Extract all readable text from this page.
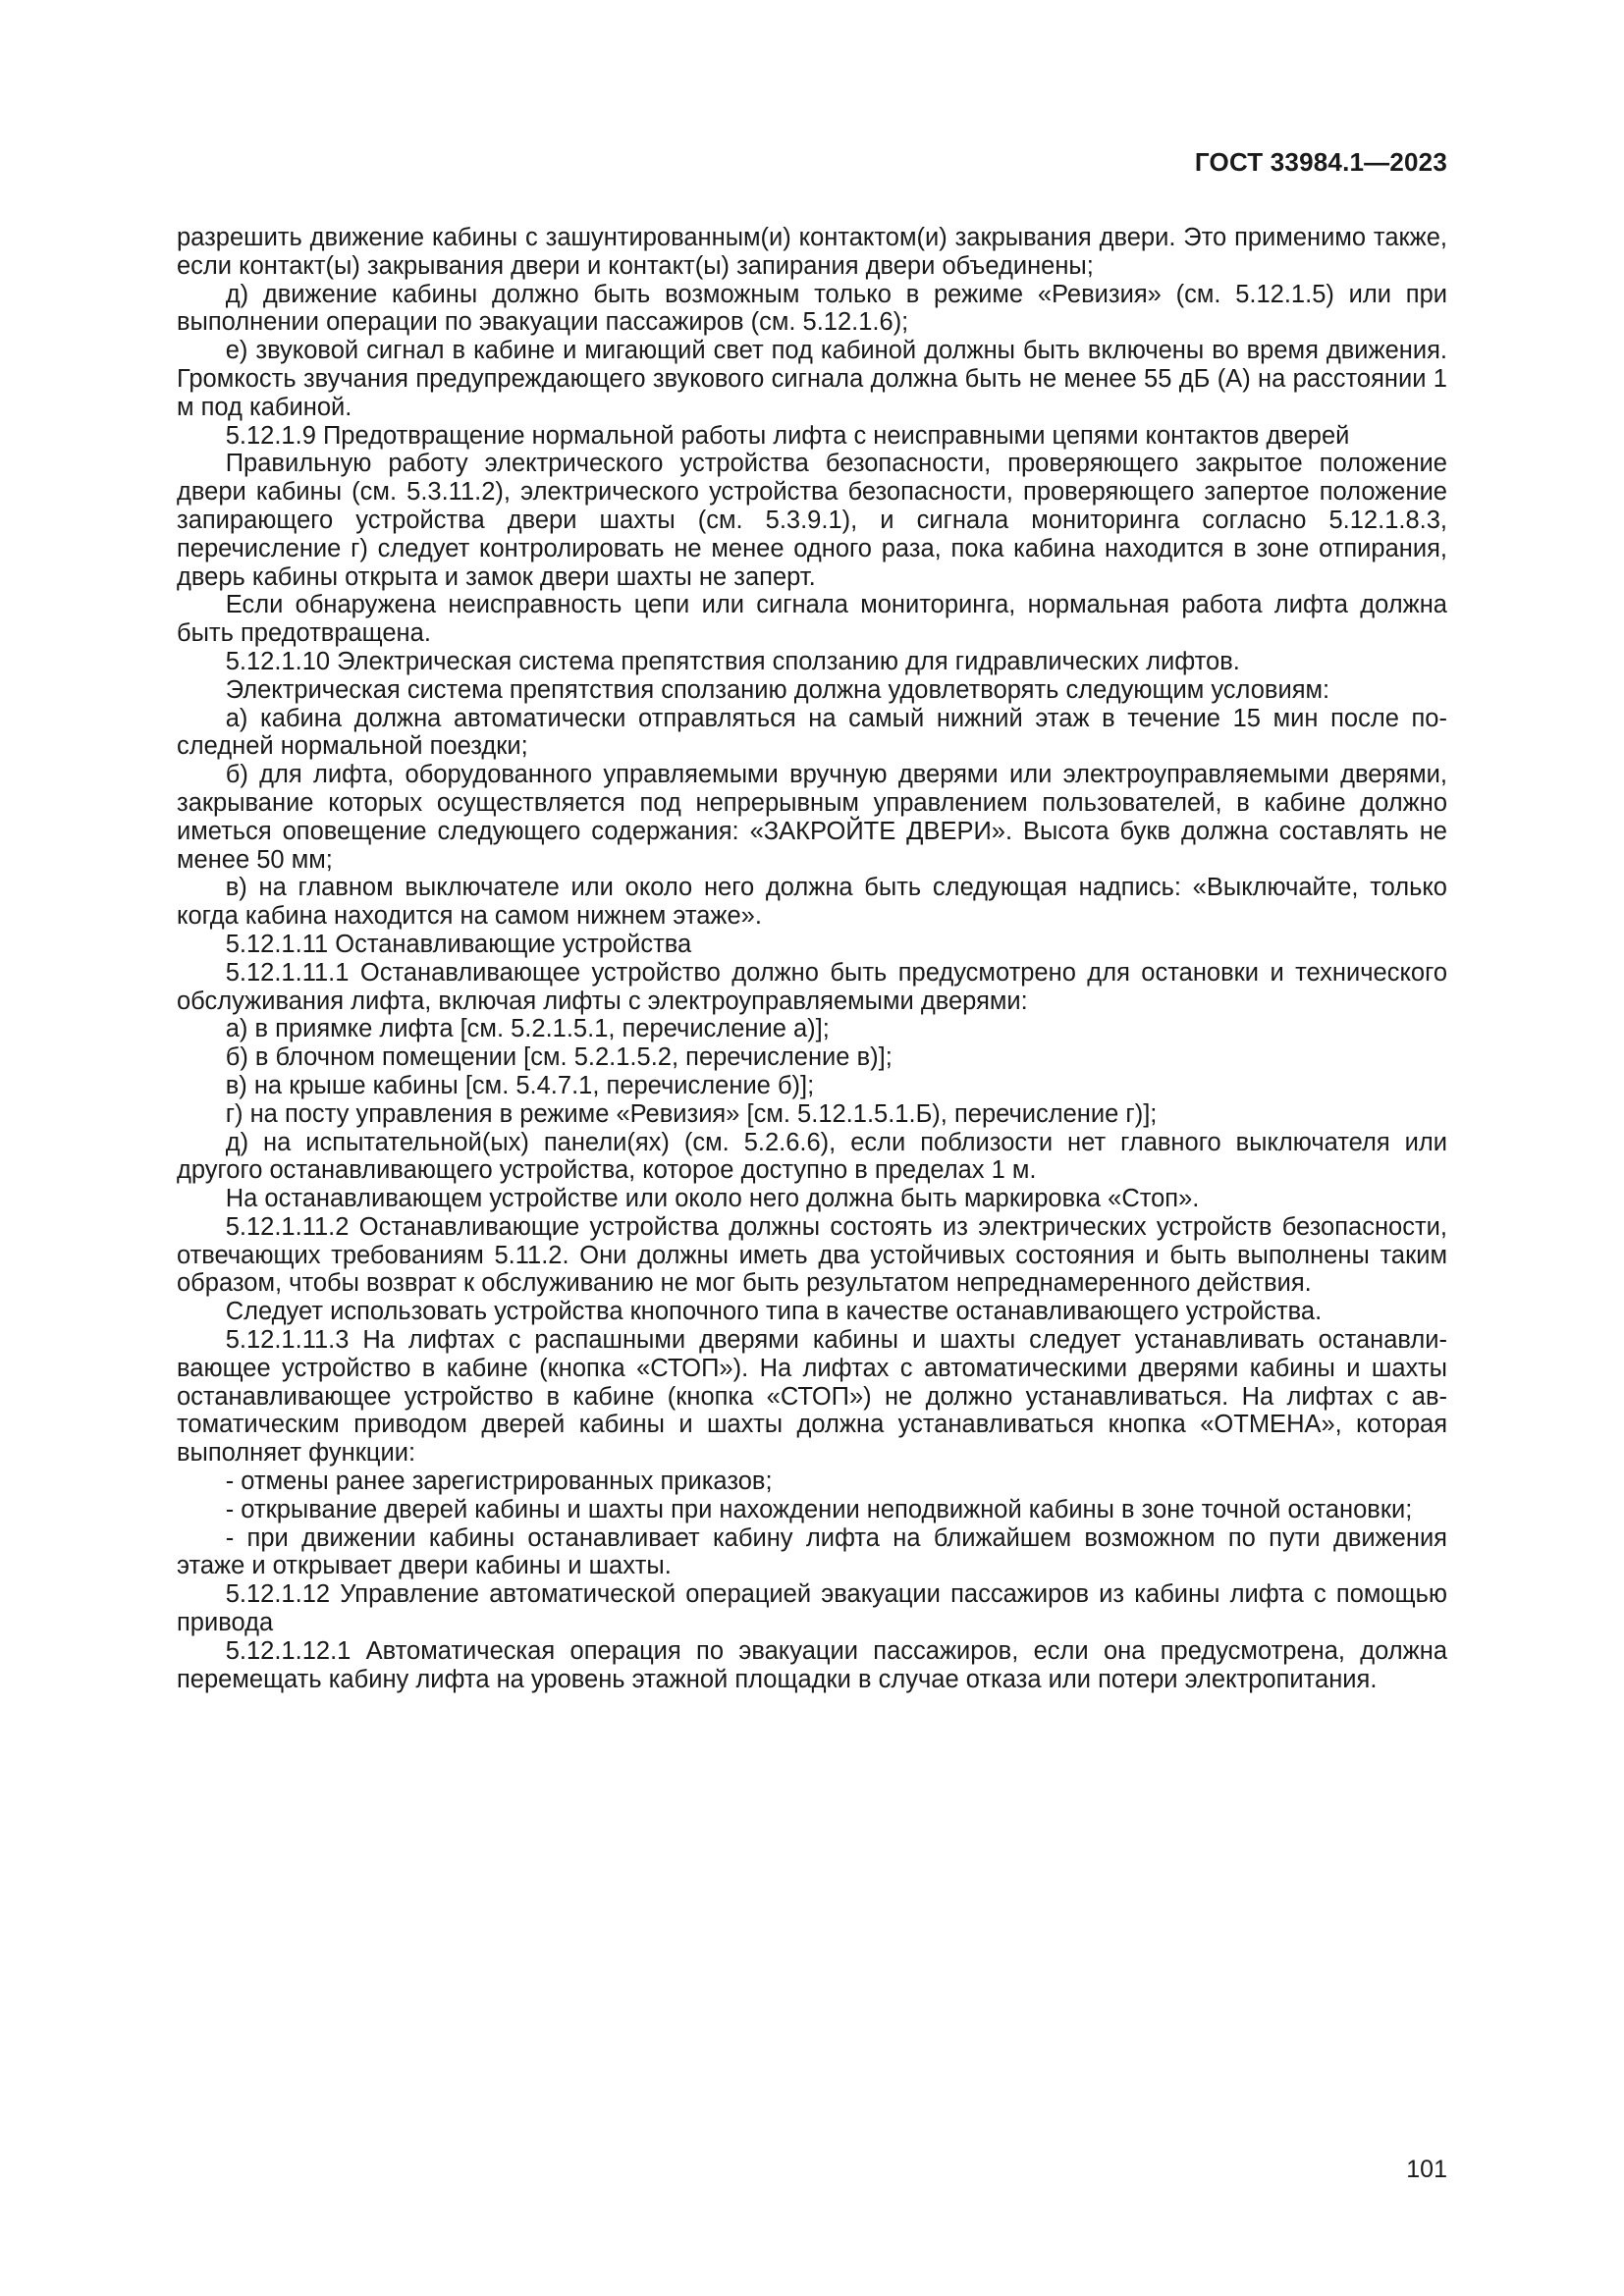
ГОСТ 33984.1—2023

разрешить движение кабины с зашунтированным(и) контактом(и) закрывания двери. Это применимо также, если контакт(ы) закрывания двери и контакт(ы) запирания двери объединены;

д) движение кабины должно быть возможным только в режиме «Ревизия» (см. 5.12.1.5) или при выполнении операции по эвакуации пассажиров (см. 5.12.1.6);

е) звуковой сигнал в кабине и мигающий свет под кабиной должны быть включены во время движения. Громкость звучания предупреждающего звукового сигнала должна быть не менее 55 дБ (А) на расстоянии 1 м под кабиной.

5.12.1.9 Предотвращение нормальной работы лифта с неисправными цепями контактов дверей

Правильную работу электрического устройства безопасности, проверяющего закрытое положение двери кабины (см. 5.3.11.2), электрического устройства безопасности, проверяющего запертое положение запирающего устройства двери шахты (см. 5.3.9.1), и сигнала мониторинга согласно 5.12.1.8.3, перечисление г) следует контролировать не менее одного раза, пока кабина находится в зоне отпирания, дверь кабины открыта и замок двери шахты не заперт.

Если обнаружена неисправность цепи или сигнала мониторинга, нормальная работа лифта должна быть предотвращена.

5.12.1.10 Электрическая система препятствия сползанию для гидравлических лифтов.

Электрическая система препятствия сползанию должна удовлетворять следующим условиям:

а) кабина должна автоматически отправляться на самый нижний этаж в течение 15 мин после последней нормальной поездки;

б) для лифта, оборудованного управляемыми вручную дверями или электроуправляемыми дверями, закрывание которых осуществляется под непрерывным управлением пользователей, в кабине должно иметься оповещение следующего содержания: «ЗАКРОЙТЕ ДВЕРИ». Высота букв должна составлять не менее 50 мм;

в) на главном выключателе или около него должна быть следующая надпись: «Выключайте, только когда кабина находится на самом нижнем этаже».

5.12.1.11 Останавливающие устройства

5.12.1.11.1 Останавливающее устройство должно быть предусмотрено для остановки и технического обслуживания лифта, включая лифты с электроуправляемыми дверями:

а) в приямке лифта [см. 5.2.1.5.1, перечисление а)];

б) в блочном помещении [см. 5.2.1.5.2, перечисление в)];

в) на крыше кабины [см. 5.4.7.1, перечисление б)];

г) на посту управления в режиме «Ревизия» [см. 5.12.1.5.1.Б), перечисление г)];

д) на испытательной(ых) панели(ях) (см. 5.2.6.6), если поблизости нет главного выключателя или другого останавливающего устройства, которое доступно в пределах 1 м.

На останавливающем устройстве или около него должна быть маркировка «Стоп».

5.12.1.11.2 Останавливающие устройства должны состоять из электрических устройств безопасности, отвечающих требованиям 5.11.2. Они должны иметь два устойчивых состояния и быть выполнены таким образом, чтобы возврат к обслуживанию не мог быть результатом непреднамеренного действия.

Следует использовать устройства кнопочного типа в качестве останавливающего устройства.

5.12.1.11.3 На лифтах с распашными дверями кабины и шахты следует устанавливать останавливающее устройство в кабине (кнопка «СТОП»). На лифтах с автоматическими дверями кабины и шахты останавливающее устройство в кабине (кнопка «СТОП») не должно устанавливаться. На лифтах с автоматическим приводом дверей кабины и шахты должна устанавливаться кнопка «ОТМЕНА», которая выполняет функции:

- отмены ранее зарегистрированных приказов;

- открывание дверей кабины и шахты при нахождении неподвижной кабины в зоне точной остановки;

- при движении кабины останавливает кабину лифта на ближайшем возможном по пути движения этаже и открывает двери кабины и шахты.

5.12.1.12 Управление автоматической операцией эвакуации пассажиров из кабины лифта с помощью привода

5.12.1.12.1 Автоматическая операция по эвакуации пассажиров, если она предусмотрена, должна перемещать кабину лифта на уровень этажной площадки в случае отказа или потери электропитания.

101
